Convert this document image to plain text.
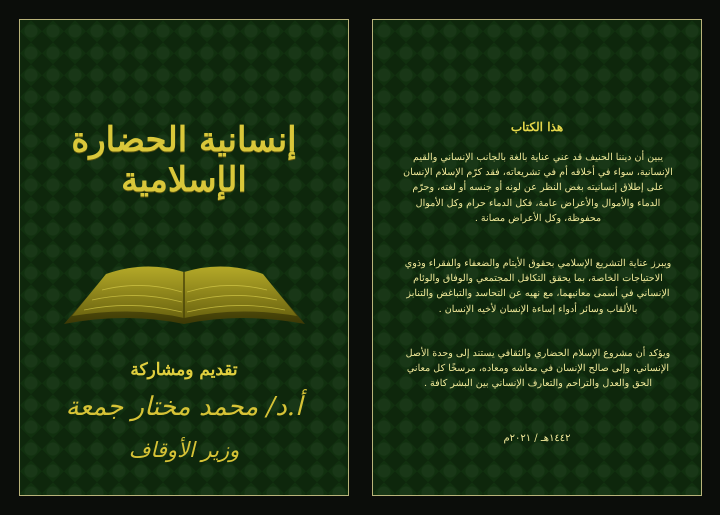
إنسانية الحضارة الإسلامية
تقديم ومشاركة
أ.د/ محمد مختار جمعة
وزير الأوقاف
هذا الكتاب
يبين أن ديننا الحنيف قد عني عناية بالغة بالجانب الإنساني والقيم الإنسانية، سواء في أخلاقه أم في تشريعاته، فقد كرّم الإسلام الإنسان على إطلاق إنسانيته بغض النظر عن لونه أو جنسه أو لغته، وحرّم الدماء والأموال والأعراض عامة، فكل الدماء حرام وكل الأموال محفوظة، وكل الأعراض مصانة .
ويبرز عناية التشريع الإسلامي بحقوق الأيتام والضعفاء والفقراء وذوي الاحتياجات الخاصة، بما يحقق التكافل المجتمعي والوفاق والوئام الإنساني في أسمى معانيهما، مع نهيه عن التحاسد والتباغض والتنابز بالألقاب وسائر أدواء إساءة الإنسان لأخيه الإنسان .
ويؤكد أن مشروع الإسلام الحضاري والثقافي يستند إلى وحدة الأصل الإنساني، وإلى صالح الإنسان في معاشه ومعاده، مرسخًا كل معاني الحق والعدل والتراحم والتعارف الإنساني بين البشر كافة .
١٤٤٢هـ / ٢٠٢١م
